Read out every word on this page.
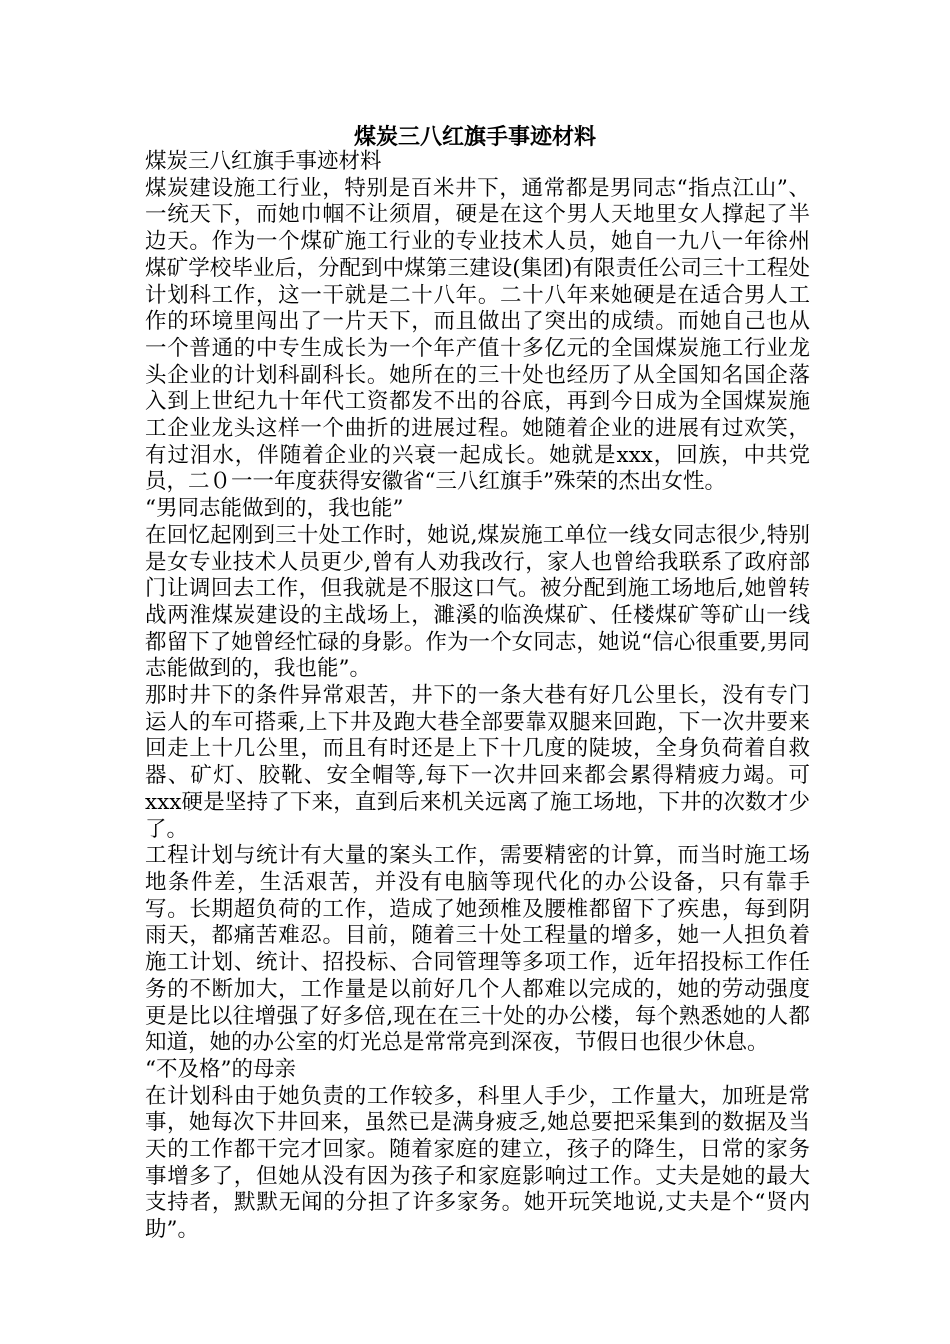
煤炭三八红旗手事迹材料

煤炭三八红旗手事迹材料

煤炭建设施工行业，特别是百米井下，通常都是男同志“指点江山”、一统天下，而她巾帼不让须眉，硬是在这个男人天地里女人撑起了半边天。作为一个煤矿施工行业的专业技术人员，她自一九八一年徐州煤矿学校毕业后，分配到中煤第三建设(集团)有限责任公司三十工程处计划科工作，这一干就是二十八年。二十八年来她硬是在适合男人工作的环境里闯出了一片天下，而且做出了突出的成绩。而她自己也从一个普通的中专生成长为一个年产值十多亿元的全国煤炭施工行业龙头企业的计划科副科长。她所在的三十处也经历了从全国知名国企落入到上世纪九十年代工资都发不出的谷底，再到今日成为全国煤炭施工企业龙头这样一个曲折的进展过程。她随着企业的进展有过欢笑，有过泪水，伴随着企业的兴衰一起成长。她就是xxx，回族，中共党员，二０一一年度获得安徽省“三八红旗手”殊荣的杰出女性。

“男同志能做到的，我也能”

在回忆起刚到三十处工作时，她说,煤炭施工单位一线女同志很少,特别是女专业技术人员更少,曾有人劝我改行，家人也曾给我联系了政府部门让调回去工作，但我就是不服这口气。被分配到施工场地后,她曾转战两淮煤炭建设的主战场上，濉溪的临涣煤矿、任楼煤矿等矿山一线都留下了她曾经忙碌的身影。作为一个女同志，她说“信心很重要,男同志能做到的，我也能”。

那时井下的条件异常艰苦，井下的一条大巷有好几公里长，没有专门运人的车可搭乘,上下井及跑大巷全部要靠双腿来回跑，下一次井要来回走上十几公里，而且有时还是上下十几度的陡坡，全身负荷着自救器、矿灯、胶靴、安全帽等,每下一次井回来都会累得精疲力竭。可xxx硬是坚持了下来，直到后来机关远离了施工场地，下井的次数才少了。

工程计划与统计有大量的案头工作，需要精密的计算，而当时施工场地条件差，生活艰苦，并没有电脑等现代化的办公设备，只有靠手写。长期超负荷的工作，造成了她颈椎及腰椎都留下了疾患，每到阴雨天，都痛苦难忍。目前，随着三十处工程量的增多，她一人担负着施工计划、统计、招投标、合同管理等多项工作，近年招投标工作任务的不断加大，工作量是以前好几个人都难以完成的，她的劳动强度更是比以往增强了好多倍,现在在三十处的办公楼，每个熟悉她的人都知道，她的办公室的灯光总是常常亮到深夜，节假日也很少休息。

“不及格”的母亲

在计划科由于她负责的工作较多，科里人手少，工作量大，加班是常事，她每次下井回来，虽然已是满身疲乏,她总要把采集到的数据及当天的工作都干完才回家。随着家庭的建立，孩子的降生，日常的家务事增多了，但她从没有因为孩子和家庭影响过工作。丈夫是她的最大支持者，默默无闻的分担了许多家务。她开玩笑地说,丈夫是个“贤内助”。
